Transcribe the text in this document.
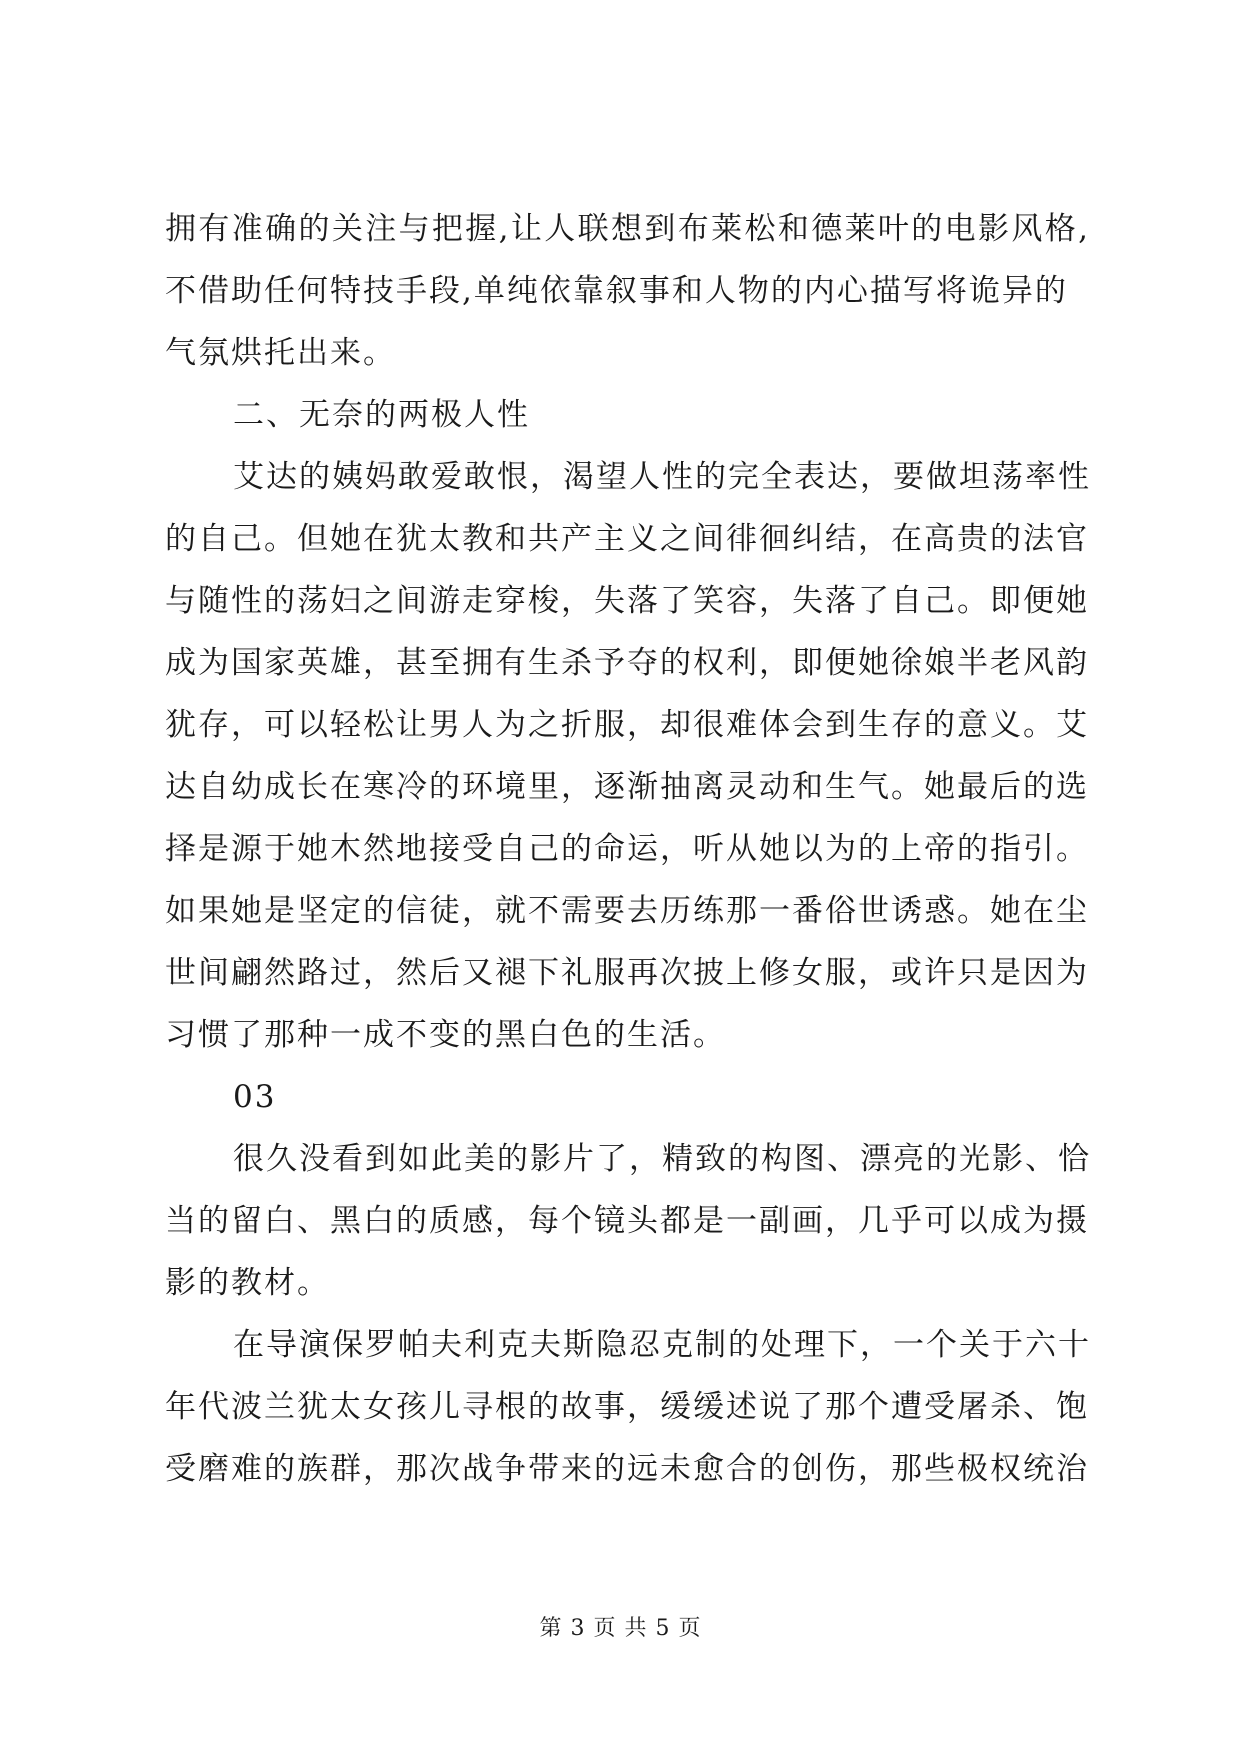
拥有准确的关注与把握,让人联想到布莱松和德莱叶的电影风格,
不借助任何特技手段,单纯依靠叙事和人物的内心描写将诡异的
气氛烘托出来。
二、无奈的两极人性
艾达的姨妈敢爱敢恨，渴望人性的完全表达，要做坦荡率性
的自己。但她在犹太教和共产主义之间徘徊纠结，在高贵的法官
与随性的荡妇之间游走穿梭，失落了笑容，失落了自己。即便她
成为国家英雄，甚至拥有生杀予夺的权利，即便她徐娘半老风韵
犹存，可以轻松让男人为之折服，却很难体会到生存的意义。艾
达自幼成长在寒冷的环境里，逐渐抽离灵动和生气。她最后的选
择是源于她木然地接受自己的命运，听从她以为的上帝的指引。
如果她是坚定的信徒，就不需要去历练那一番俗世诱惑。她在尘
世间翩然路过，然后又褪下礼服再次披上修女服，或许只是因为
习惯了那种一成不变的黑白色的生活。
03
很久没看到如此美的影片了，精致的构图、漂亮的光影、恰
当的留白、黑白的质感，每个镜头都是一副画，几乎可以成为摄
影的教材。
在导演保罗帕夫利克夫斯隐忍克制的处理下，一个关于六十
年代波兰犹太女孩儿寻根的故事，缓缓述说了那个遭受屠杀、饱
受磨难的族群，那次战争带来的远未愈合的创伤，那些极权统治
第 3 页 共 5 页
